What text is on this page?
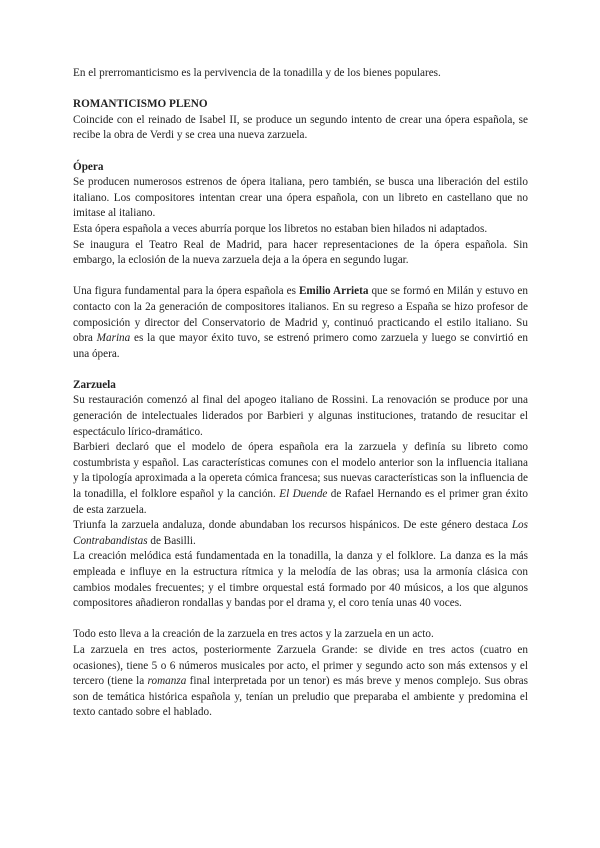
En el prerromanticismo es la pervivencia de la tonadilla y de los bienes populares.

ROMANTICISMO PLENO

Coincide con el reinado de Isabel II, se produce un segundo intento de crear una ópera española, se recibe la obra de Verdi y se crea una nueva zarzuela.

Ópera

Se producen numerosos estrenos de ópera italiana, pero también, se busca una liberación del estilo italiano. Los compositores intentan crear una ópera española, con un libreto en castellano que no imitase al italiano.

Esta ópera española a veces aburría porque los libretos no estaban bien hilados ni adaptados.

Se inaugura el Teatro Real de Madrid, para hacer representaciones de la ópera española. Sin embargo, la eclosión de la nueva zarzuela deja a la ópera en segundo lugar.

Una figura fundamental para la ópera española es Emilio Arrieta que se formó en Milán y estuvo en contacto con la 2a generación de compositores italianos. En su regreso a España se hizo profesor de composición y director del Conservatorio de Madrid y, continuó practicando el estilo italiano. Su obra Marina es la que mayor éxito tuvo, se estrenó primero como zarzuela y luego se convirtió en una ópera.

Zarzuela

Su restauración comenzó al final del apogeo italiano de Rossini. La renovación se produce por una generación de intelectuales liderados por Barbieri y algunas instituciones, tratando de resucitar el espectáculo lírico-dramático.

Barbieri declaró que el modelo de ópera española era la zarzuela y definía su libreto como costumbrista y español. Las características comunes con el modelo anterior son la influencia italiana y la tipología aproximada a la opereta cómica francesa; sus nuevas características son la influencia de la tonadilla, el folklore español y la canción. El Duende de Rafael Hernando es el primer gran éxito de esta zarzuela.

Triunfa la zarzuela andaluza, donde abundaban los recursos hispánicos. De este género destaca Los Contrabandistas de Basilli.

La creación melódica está fundamentada en la tonadilla, la danza y el folklore. La danza es la más empleada e influye en la estructura rítmica y la melodía de las obras; usa la armonía clásica con cambios modales frecuentes; y el timbre orquestal está formado por 40 músicos, a los que algunos compositores añadieron rondallas y bandas por el drama y, el coro tenía unas 40 voces.

Todo esto lleva a la creación de la zarzuela en tres actos y la zarzuela en un acto.

La zarzuela en tres actos, posteriormente Zarzuela Grande: se divide en tres actos (cuatro en ocasiones), tiene 5 o 6 números musicales por acto, el primer y segundo acto son más extensos y el tercero (tiene la romanza final interpretada por un tenor) es más breve y menos complejo. Sus obras son de temática histórica española y, tenían un preludio que preparaba el ambiente y predomina el texto cantado sobre el hablado.
